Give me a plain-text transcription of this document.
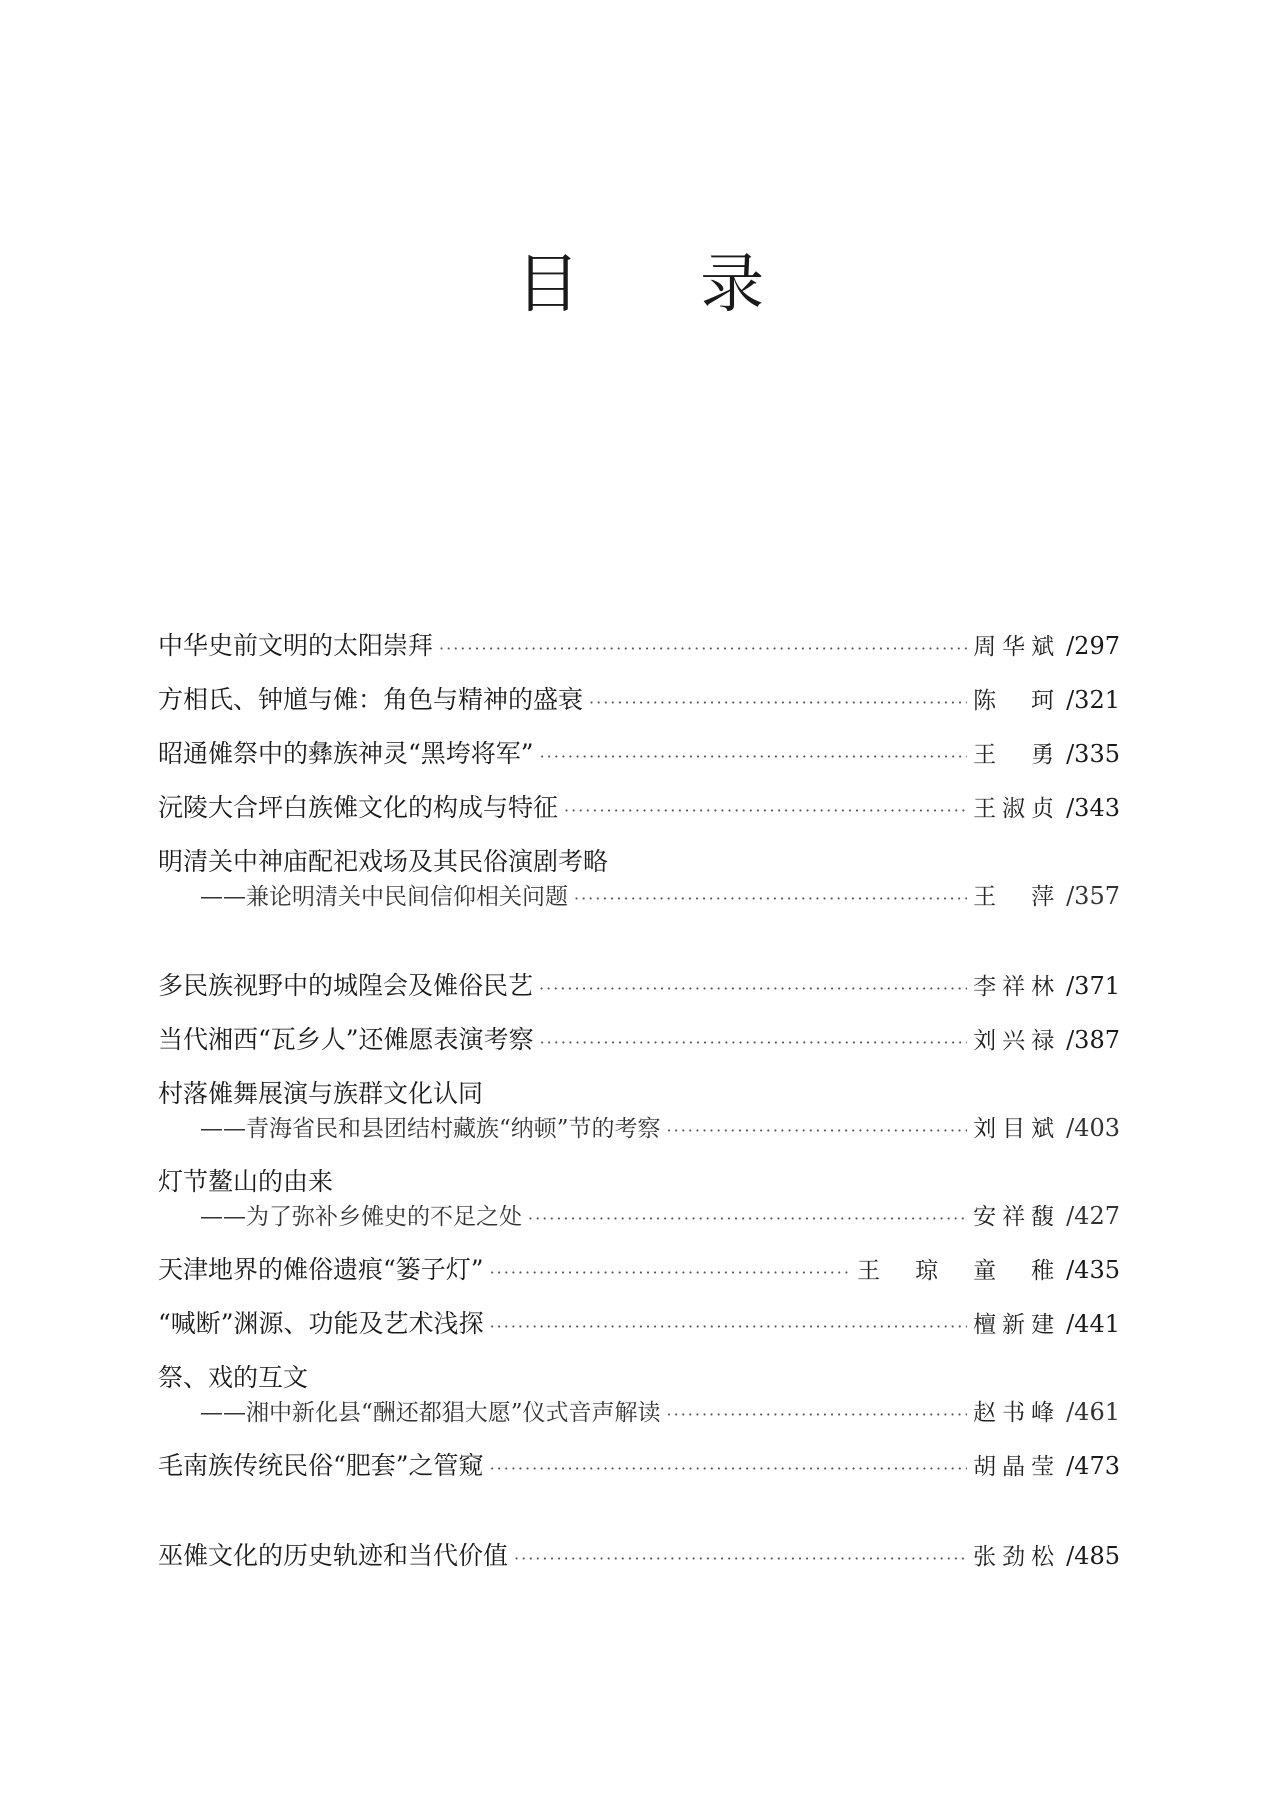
目 录
中华史前文明的太阳崇拜 ·····	周华斌 /297
方相氏、钟馗与傩：角色与精神的盛衰 ·····	陈　珂 /321
昭通傩祭中的彝族神灵“黑垮将军” ·····	王　勇 /335
沅陵大合坪白族傩文化的构成与特征 ·····	王淑贞 /343
明清关中神庙配祀戏场及其民俗演剧考略
——兼论明清关中民间信仰相关问题 ·····	王　萍 /357
多民族视野中的城隍会及傩俗民艺 ·····	李祥林 /371
当代湘西“瓦乡人”还傩愿表演考察 ·····	刘兴禄 /387
村落傩舞展演与族群文化认同
——青海省民和县团结村藏族“纳顿”节的考察 ·····	刘目斌 /403
灯节鳌山的由来
——为了弥补乡傩史的不足之处 ·····	安祥馥 /427
天津地界的傩俗遗痕“篓子灯” ·····	王　琼　童　稚 /435
“喊断”渊源、功能及艺术浅探 ·····	檀新建 /441
祭、戏的互文
——湘中新化县“酬还都猖大愿”仪式音声解读 ·····	赵书峰 /461
毛南族传统民俗“肥套”之管窥 ·····	胡晶莹 /473
巫傩文化的历史轨迹和当代价值 ·····	张劲松 /485
